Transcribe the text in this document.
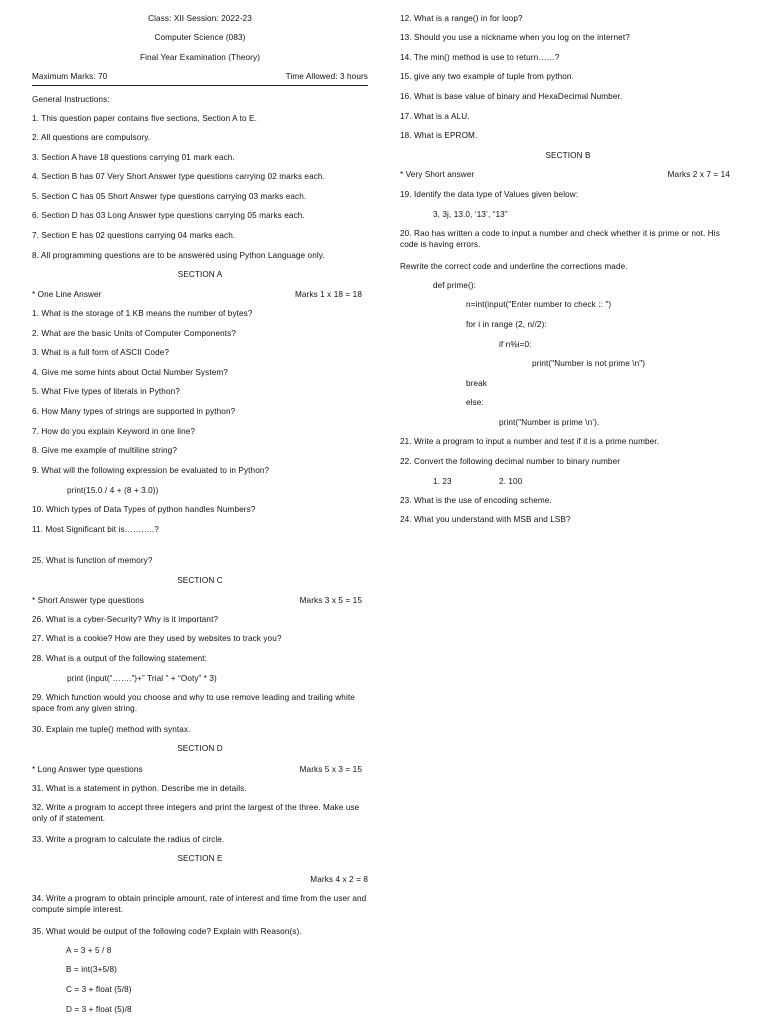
Class: XII Session: 2022-23
Computer Science (083)
Final Year Examination (Theory)
Maximum Marks: 70	Time Allowed: 3 hours
General Instructions:
1. This question paper contains five sections, Section A to E.
2. All questions are compulsory.
3. Section A have 18 questions carrying 01 mark each.
4. Section B has 07 Very Short Answer type questions carrying 02 marks each.
5. Section C has 05 Short Answer type questions carrying 03 marks each.
6. Section D has 03 Long Answer type questions carrying 05 marks each.
7. Section E has 02 questions carrying 04 marks each.
8. All programming questions are to be answered using Python Language only.
SECTION A
* One Line Answer	Marks 1 x 18 = 18
1. What is the storage of 1 KB means the number of bytes?
2. What are the basic Units of Computer Components?
3. What is a full form of ASCII Code?
4. Give me some hints about Octal Number System?
5. What Five types of literals in Python?
6. How Many types of strings are supported in python?
7. How do you explain Keyword in one line?
8. Give me example of multiline string?
9. What will the following expression be evaluated to in Python?
print(15.0 / 4 + (8 + 3.0))
10. Which types of Data Types of python handles Numbers?
11. Most Significant bit is………..?
25. What is function of memory?
SECTION C
* Short Answer type questions	Marks 3 x 5 = 15
26. What is a cyber-Security? Why is it important?
27. What is a cookie? How are they used by websites to track you?
28. What is a output of the following statement:
print (input(“…….”)+” Trial ” + “Ooty” * 3)
29. Which function would you choose and why to use remove leading and trailing white space from any given string.
30. Explain me tuple() method with syntax.
SECTION D
* Long Answer type questions	Marks 5 x 3 = 15
31. What is a statement in python. Describe me in details.
32. Write a program to accept three integers and print the largest of the three. Make use only of if statement.
33. Write a program to calculate the radius of circle.
SECTION E
Marks 4 x 2 = 8
34. Write a program to obtain principle amount, rate of interest and time from the user and compute simple interest.
35. What would be output of the following code? Explain with Reason(s).
A = 3 + 5 / 8
B = int(3+5/8)
C = 3 + float (5/8)
D = 3 + float (5)/8
12. What is a range() in for loop?
13. Should you use a nickname when you log on the internet?
14. The min() method is use to return……?
15. give any two example of tuple from python.
16. What is base value of binary and HexaDecimal Number.
17. What is a ALU.
18. What is EPROM.
SECTION B
* Very Short answer	Marks 2 x 7 = 14
19. Identify the data type of Values given below:
3, 3j, 13.0, ‘13’, “13”
20. Rao has written a code to input a number and check whether it is prime or not. His code is having errors.
Rewrite the correct code and underline the corrections made.
def prime():
n=int(input("Enter number to check :: ")
for i in range (2, n//2):
if n%i=0:
print("Number is not prime \n")
break
else:
print("Number is prime \n’).
21. Write a program to input a number and test if it is a prime number.
22. Convert the following decimal number to binary number
1. 23	2. 100
23. What is the use of encoding scheme.
24. What you understand with MSB and LSB?
